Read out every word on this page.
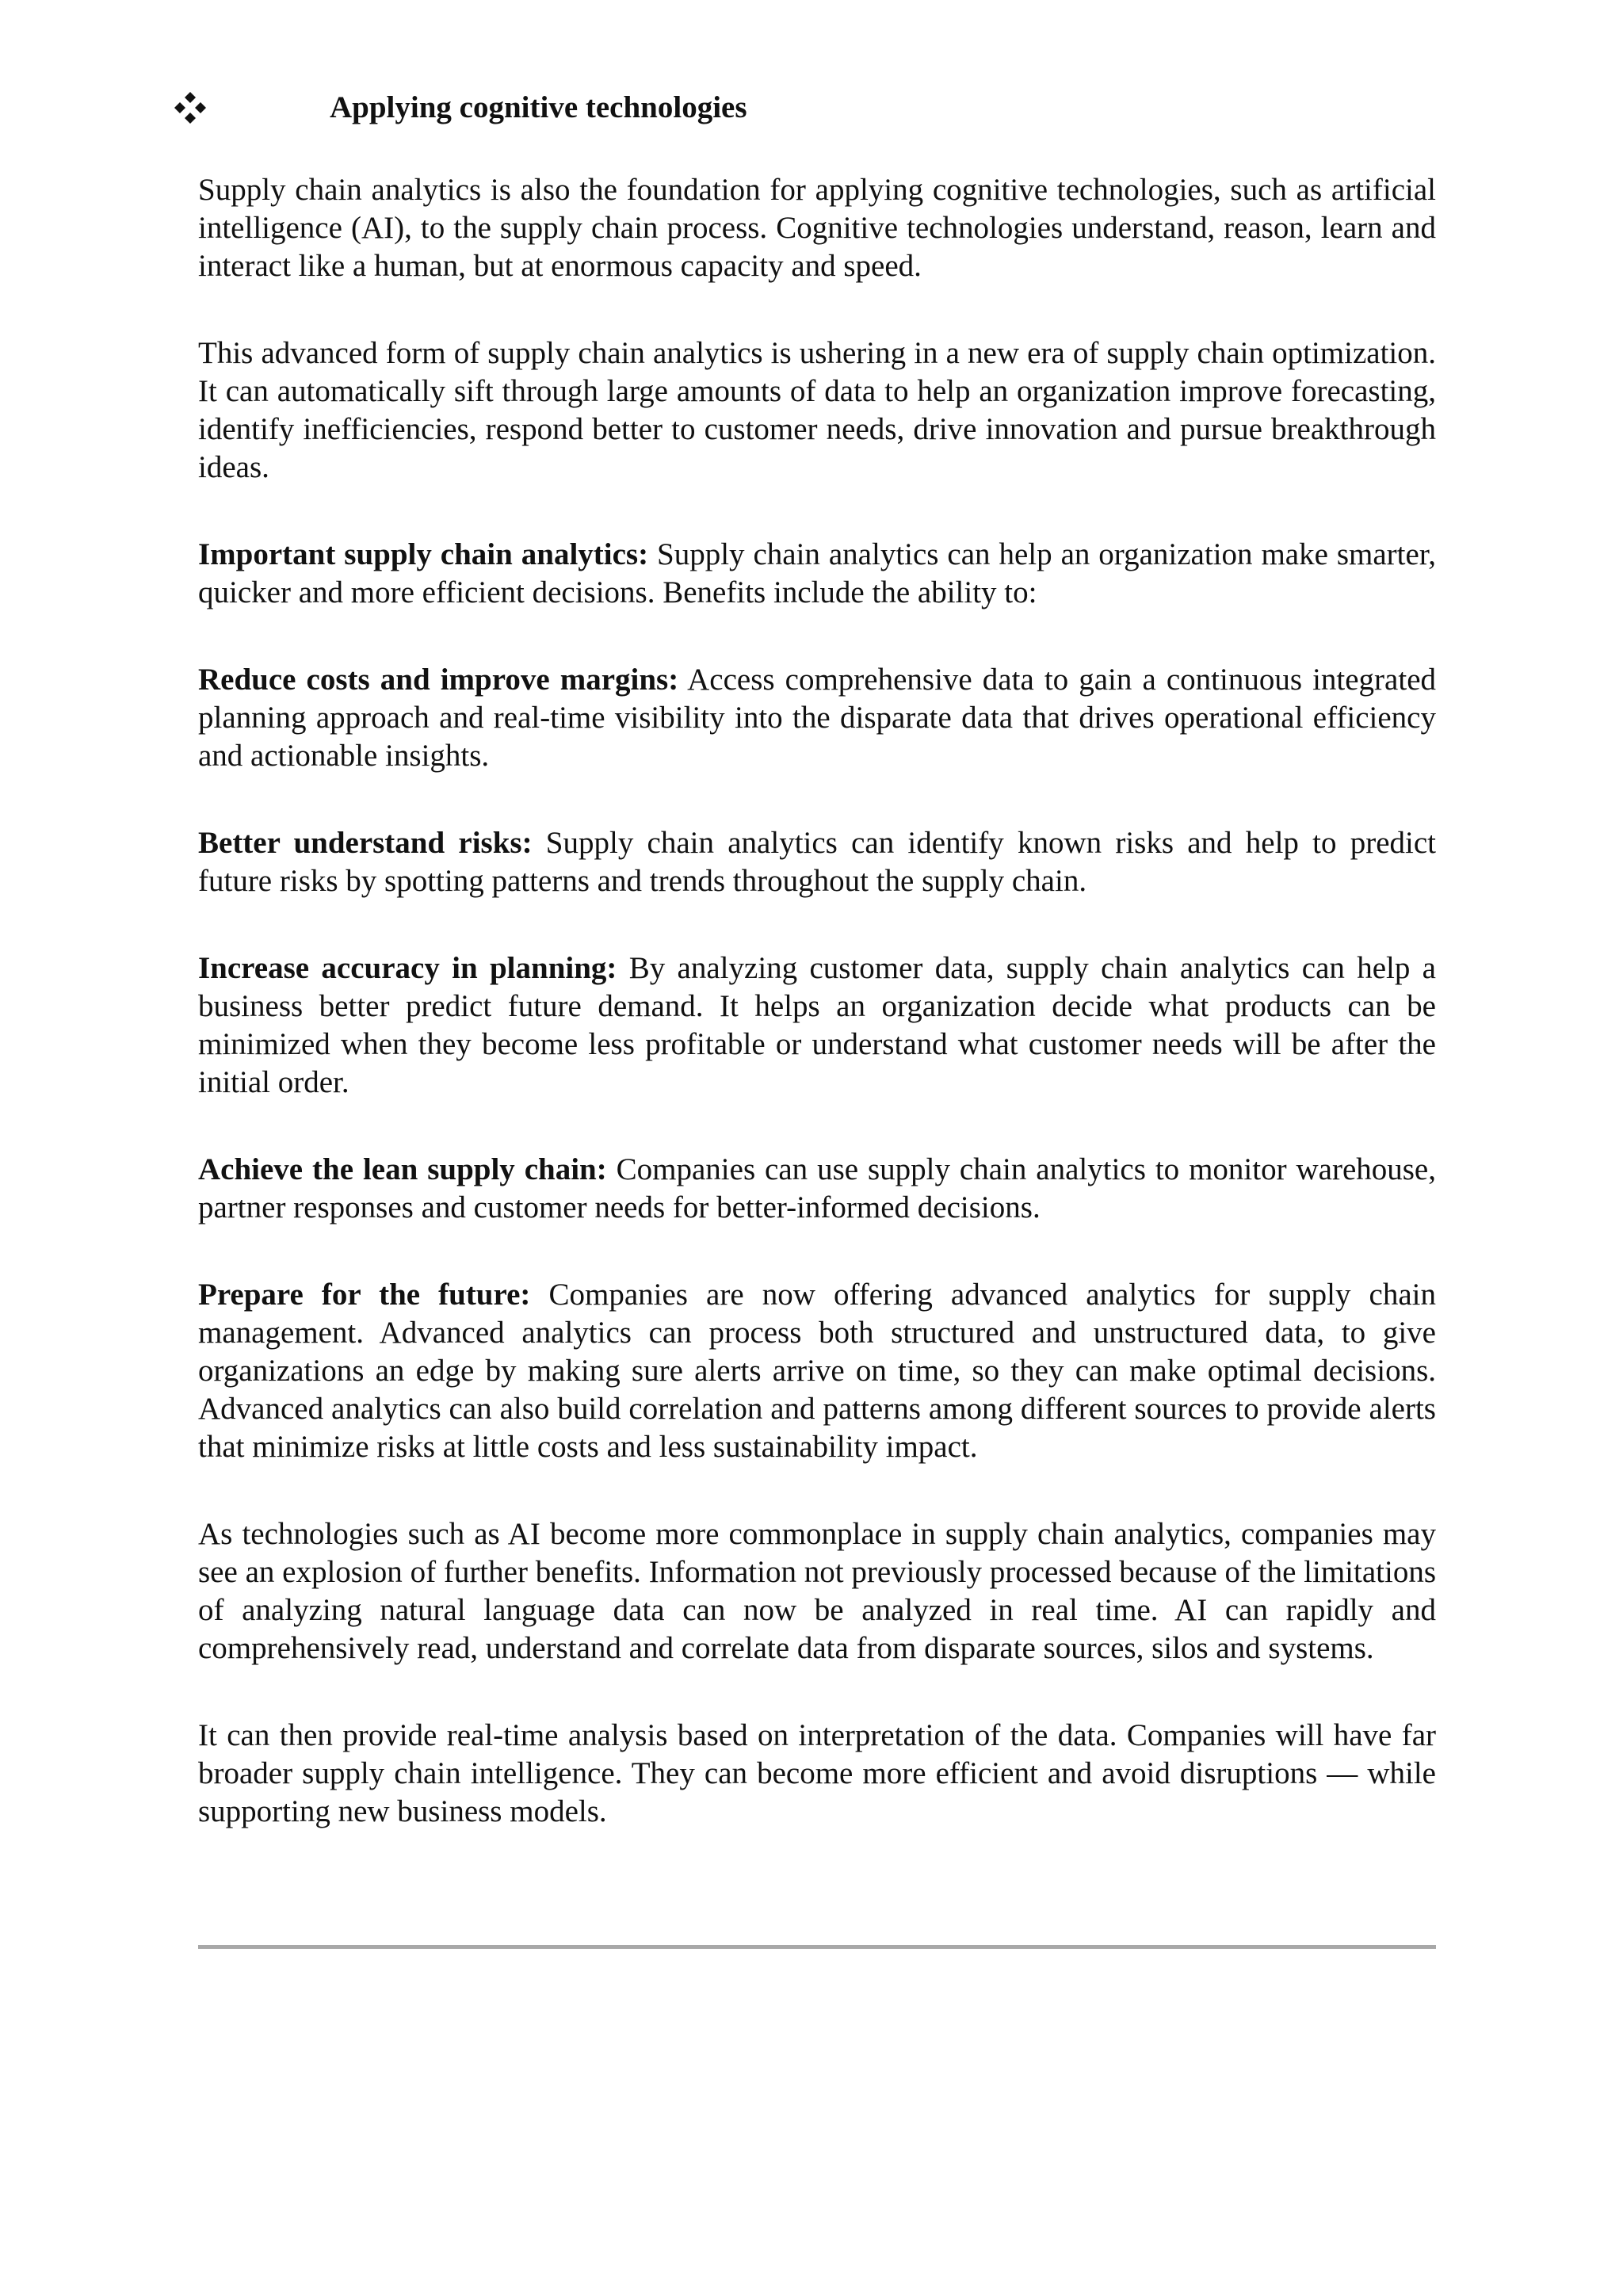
Applying cognitive technologies

Supply chain analytics is also the foundation for applying cognitive technologies, such as artificial intelligence (AI), to the supply chain process. Cognitive technologies understand, reason, learn and interact like a human, but at enormous capacity and speed.

This advanced form of supply chain analytics is ushering in a new era of supply chain optimization. It can automatically sift through large amounts of data to help an organization improve forecasting, identify inefficiencies, respond better to customer needs, drive innovation and pursue breakthrough ideas.

Important supply chain analytics: Supply chain analytics can help an organization make smarter, quicker and more efficient decisions. Benefits include the ability to:

Reduce costs and improve margins: Access comprehensive data to gain a continuous integrated planning approach and real-time visibility into the disparate data that drives operational efficiency and actionable insights.

Better understand risks: Supply chain analytics can identify known risks and help to predict future risks by spotting patterns and trends throughout the supply chain.

Increase accuracy in planning: By analyzing customer data, supply chain analytics can help a business better predict future demand. It helps an organization decide what products can be minimized when they become less profitable or understand what customer needs will be after the initial order.

Achieve the lean supply chain: Companies can use supply chain analytics to monitor warehouse, partner responses and customer needs for better-informed decisions.

Prepare for the future: Companies are now offering advanced analytics for supply chain management. Advanced analytics can process both structured and unstructured data, to give organizations an edge by making sure alerts arrive on time, so they can make optimal decisions. Advanced analytics can also build correlation and patterns among different sources to provide alerts that minimize risks at little costs and less sustainability impact.

As technologies such as AI become more commonplace in supply chain analytics, companies may see an explosion of further benefits. Information not previously processed because of the limitations of analyzing natural language data can now be analyzed in real time. AI can rapidly and comprehensively read, understand and correlate data from disparate sources, silos and systems.

It can then provide real-time analysis based on interpretation of the data. Companies will have far broader supply chain intelligence. They can become more efficient and avoid disruptions — while supporting new business models.
